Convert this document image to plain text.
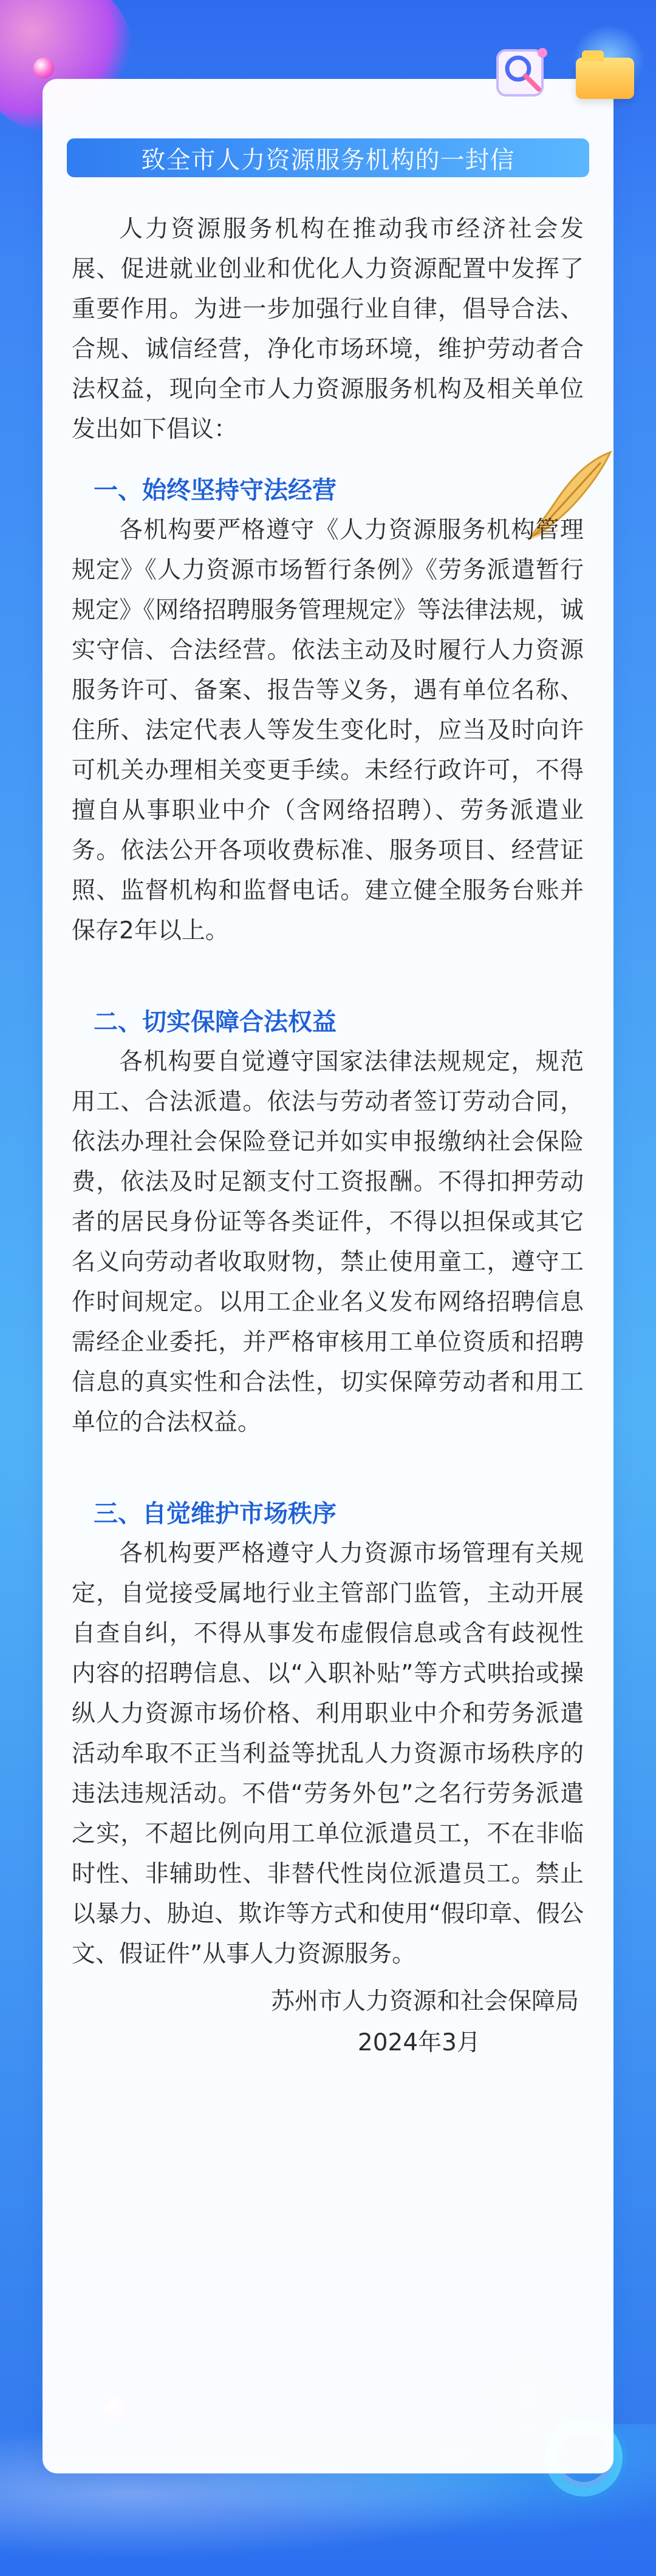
致全市人力资源服务机构的一封信

人力资源服务机构在推动我市经济社会发展、促进就业创业和优化人力资源配置中发挥了重要作用。为进一步加强行业自律，倡导合法、合规、诚信经营，净化市场环境，维护劳动者合法权益，现向全市人力资源服务机构及相关单位发出如下倡议：

一、始终坚持守法经营

各机构要严格遵守《人力资源服务机构管理规定》《人力资源市场暂行条例》《劳务派遣暂行规定》《网络招聘服务管理规定》等法律法规，诚实守信、合法经营。依法主动及时履行人力资源服务许可、备案、报告等义务，遇有单位名称、住所、法定代表人等发生变化时，应当及时向许可机关办理相关变更手续。未经行政许可，不得擅自从事职业中介（含网络招聘）、劳务派遣业务。依法公开各项收费标准、服务项目、经营证照、监督机构和监督电话。建立健全服务台账并保存2年以上。

二、切实保障合法权益

各机构要自觉遵守国家法律法规规定，规范用工、合法派遣。依法与劳动者签订劳动合同，依法办理社会保险登记并如实申报缴纳社会保险费，依法及时足额支付工资报酬。不得扣押劳动者的居民身份证等各类证件，不得以担保或其它名义向劳动者收取财物，禁止使用童工，遵守工作时间规定。以用工企业名义发布网络招聘信息需经企业委托，并严格审核用工单位资质和招聘信息的真实性和合法性，切实保障劳动者和用工单位的合法权益。

三、自觉维护市场秩序

各机构要严格遵守人力资源市场管理有关规定，自觉接受属地行业主管部门监管，主动开展自查自纠，不得从事发布虚假信息或含有歧视性内容的招聘信息、以“入职补贴”等方式哄抬或操纵人力资源市场价格、利用职业中介和劳务派遣活动牟取不正当利益等扰乱人力资源市场秩序的违法违规活动。不借“劳务外包”之名行劳务派遣之实，不超比例向用工单位派遣员工，不在非临时性、非辅助性、非替代性岗位派遣员工。禁止以暴力、胁迫、欺诈等方式和使用“假印章、假公文、假证件”从事人力资源服务。

苏州市人力资源和社会保障局
2024年3月
